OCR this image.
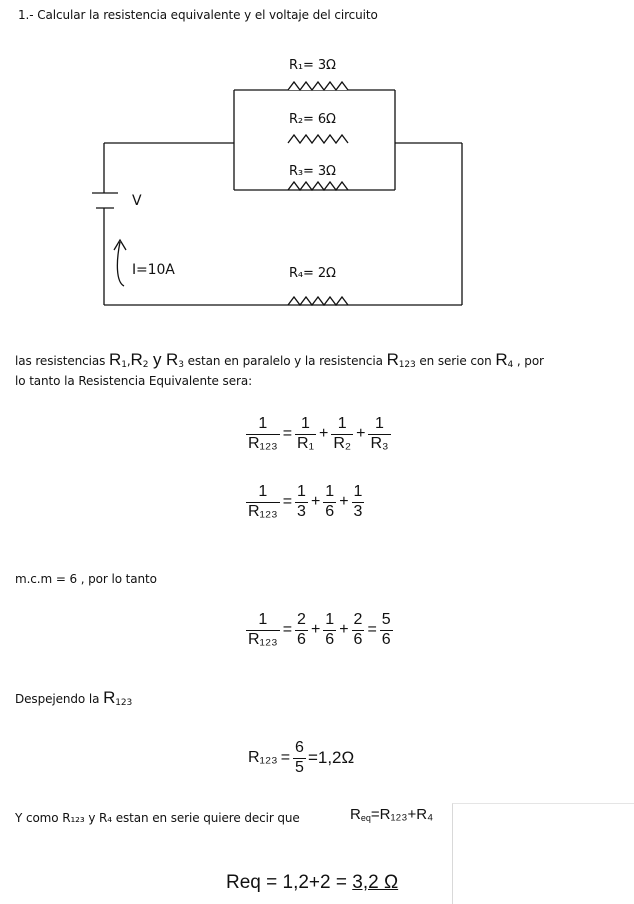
1.- Calcular la resistencia equivalente y el voltaje del circuito
R₁= 3Ω
R₂= 6Ω
R₃= 3Ω
R₄= 2Ω
V
I=10A
las resistencias $R_1,R_2$ y $R_3$ estan en paralelo y la resistencia $R_{123}$ en serie con $R_4$ , por
lo tanto la Resistencia Equivalente sera:
$\frac{1}{\text{R₁₂₃}} = \frac{1}{\text{R₁}} + \frac{1}{\text{R₂}} + \frac{1}{\text{R₃}}$
$\frac{1}{\text{R₁₂₃}} = \frac{1}{3} + \frac{1}{6} + \frac{1}{3}$
m.c.m = 6 , por lo tanto
$\frac{1}{\text{R₁₂₃}} = \frac{2}{6} + \frac{1}{6} + \frac{2}{6} = \frac{5}{6}$
Despejendo la $R_{123}$
$R_{123} = \frac{6}{5} =1,2\Omega$
Y como R₁₂₃ y R₄ estan en serie quiere decir que	$R_{eq}=R_{123}+R_4$
Req = 1,2+2 = 3,2 Ω
